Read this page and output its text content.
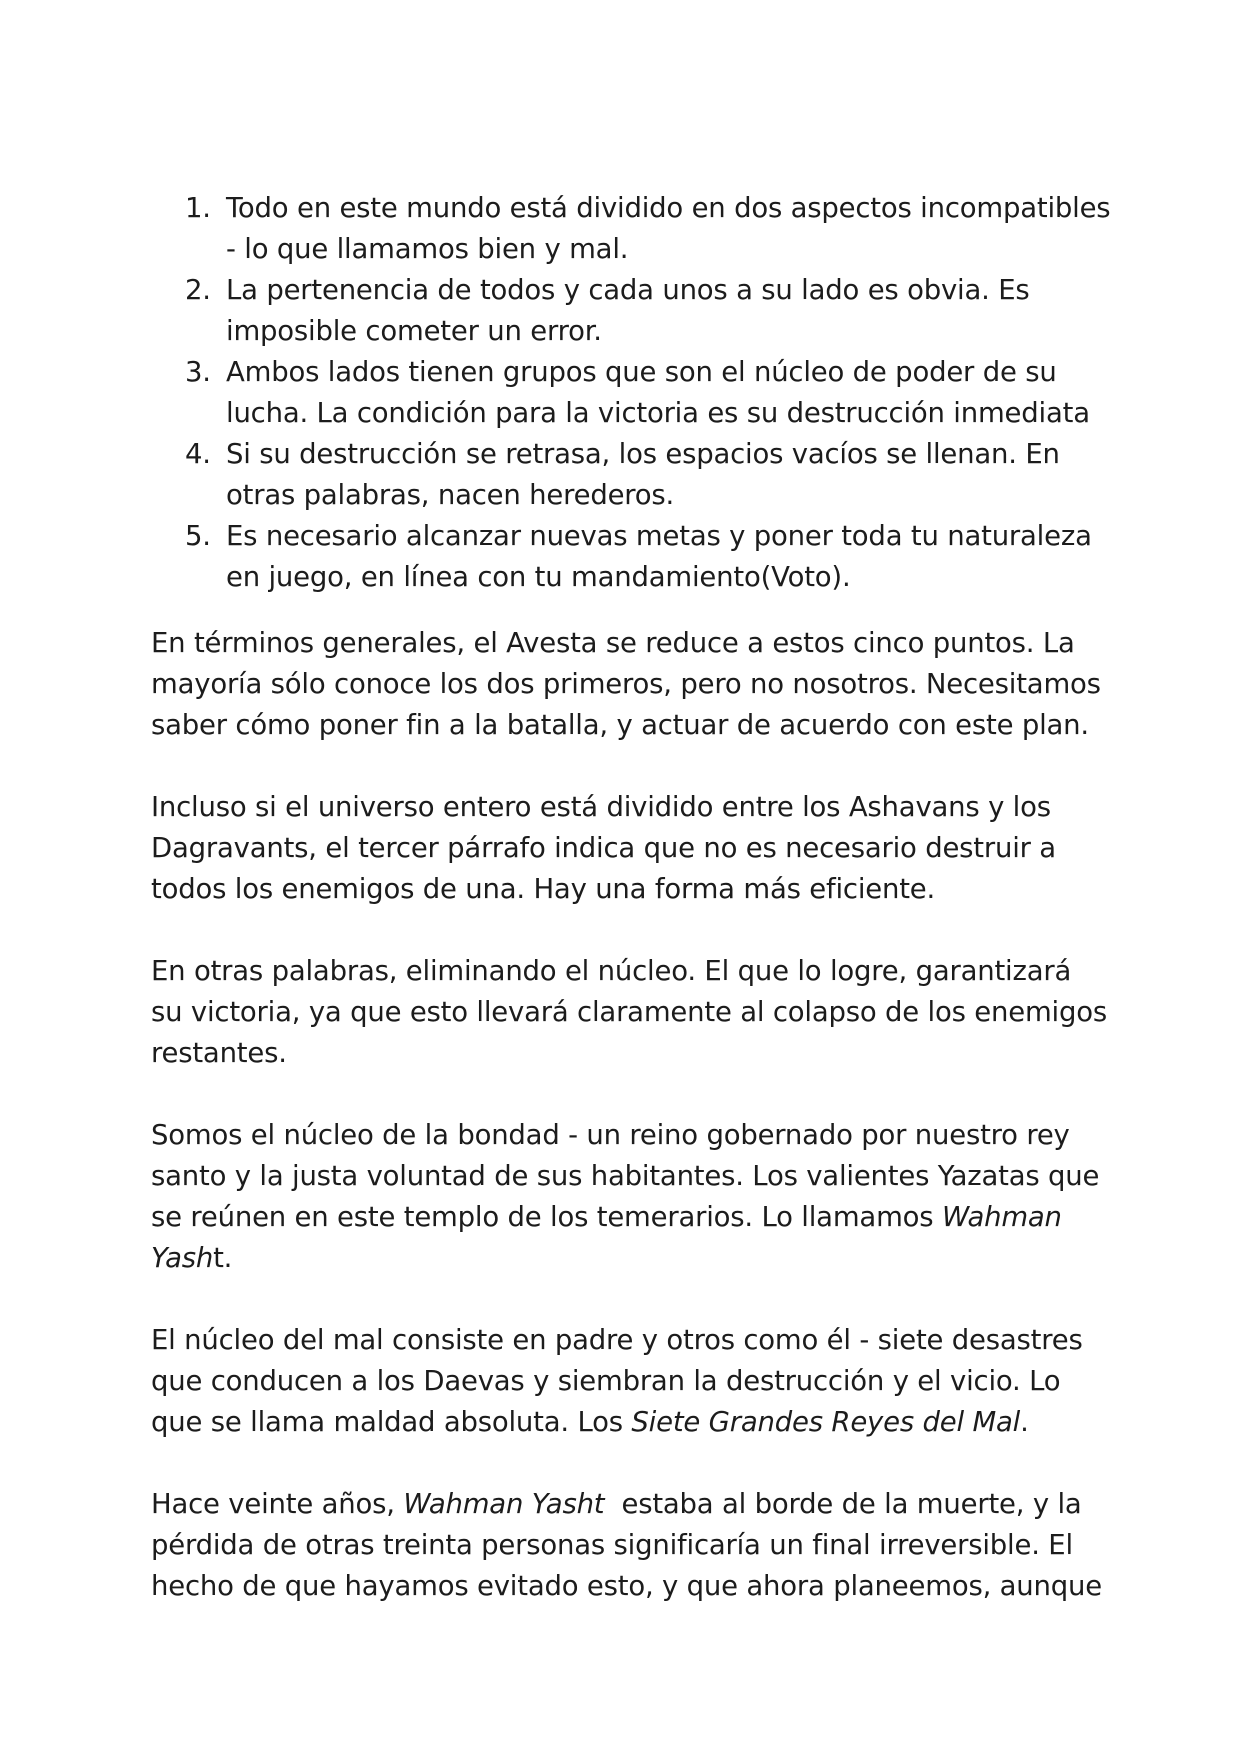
1. Todo en este mundo está dividido en dos aspectos incompatibles - lo que llamamos bien y mal.
2. La pertenencia de todos y cada unos a su lado es obvia. Es imposible cometer un error.
3. Ambos lados tienen grupos que son el núcleo de poder de su lucha. La condición para la victoria es su destrucción inmediata
4. Si su destrucción se retrasa, los espacios vacíos se llenan. En otras palabras, nacen herederos.
5. Es necesario alcanzar nuevas metas y poner toda tu naturaleza en juego, en línea con tu mandamiento(Voto).

En términos generales, el Avesta se reduce a estos cinco puntos. La mayoría sólo conoce los dos primeros, pero no nosotros. Necesitamos saber cómo poner fin a la batalla, y actuar de acuerdo con este plan.

Incluso si el universo entero está dividido entre los Ashavans y los Dagravants, el tercer párrafo indica que no es necesario destruir a todos los enemigos de una. Hay una forma más eficiente.

En otras palabras, eliminando el núcleo. El que lo logre, garantizará su victoria, ya que esto llevará claramente al colapso de los enemigos restantes.

Somos el núcleo de la bondad - un reino gobernado por nuestro rey santo y la justa voluntad de sus habitantes. Los valientes Yazatas que se reúnen en este templo de los temerarios. Lo llamamos Wahman Yasht.

El núcleo del mal consiste en padre y otros como él - siete desastres que conducen a los Daevas y siembran la destrucción y el vicio. Lo que se llama maldad absoluta. Los Siete Grandes Reyes del Mal.

Hace veinte años, Wahman Yasht  estaba al borde de la muerte, y la pérdida de otras treinta personas significaría un final irreversible. El hecho de que hayamos evitado esto, y que ahora planeemos, aunque
